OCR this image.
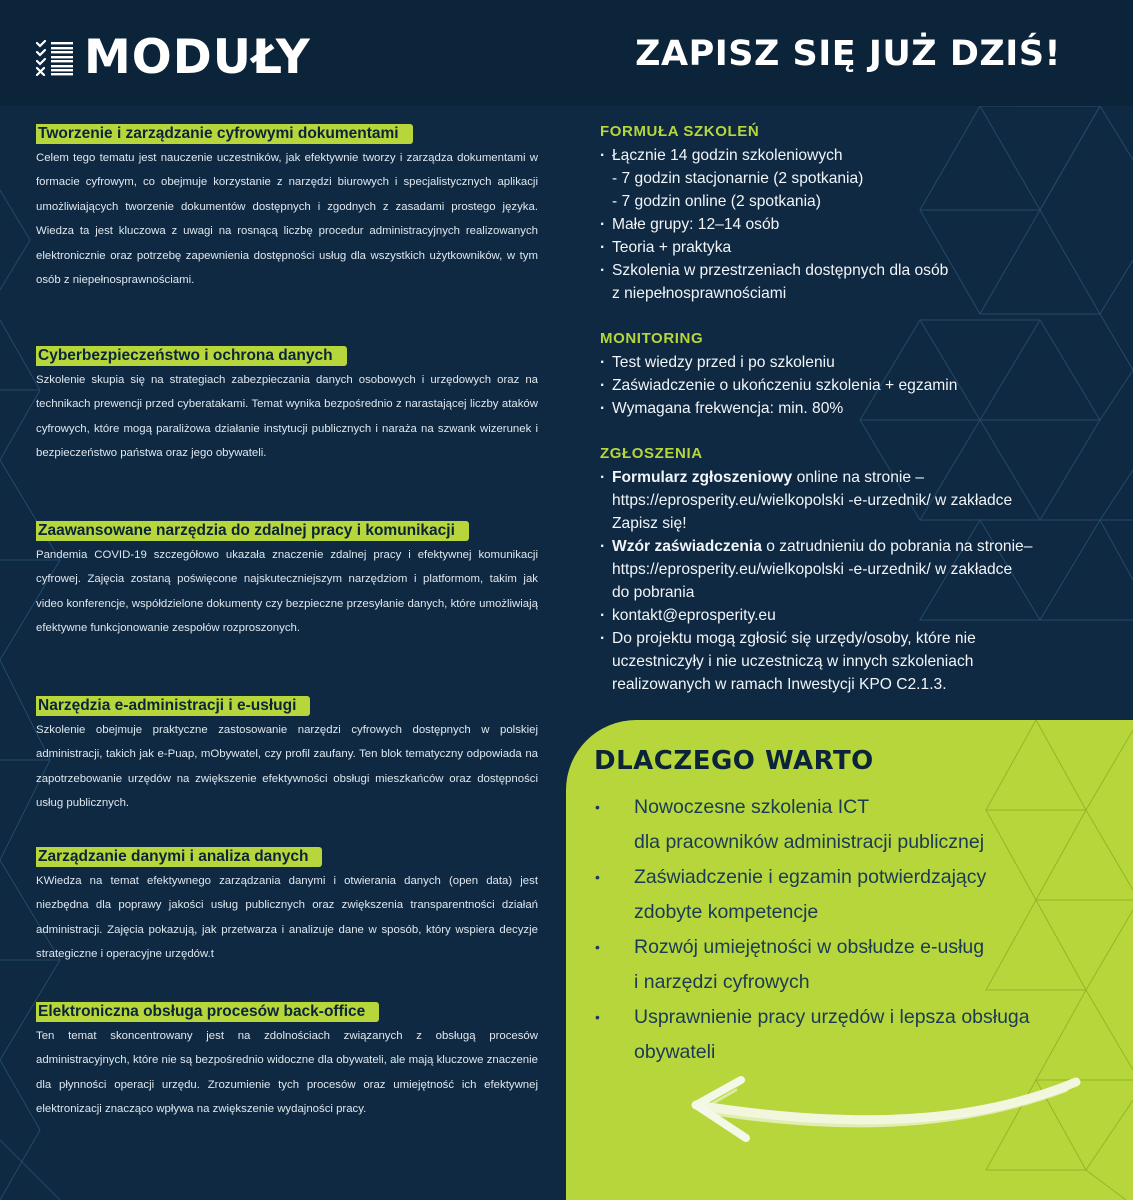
MODUŁY	ZAPISZ SIĘ JUŻ DZIŚ!
Tworzenie i zarządzanie cyfrowymi dokumentami
Celem tego tematu jest nauczenie uczestników, jak efektywnie tworzy i zarządza dokumentami w formacie cyfrowym, co obejmuje korzystanie z narzędzi biurowych i specjalistycznych aplikacji umożliwiających tworzenie dokumentów dostępnych i zgodnych z zasadami prostego języka. Wiedza ta jest kluczowa z uwagi na rosnącą liczbę procedur administracyjnych realizowanych elektronicznie oraz potrzebę zapewnienia dostępności usług dla wszystkich użytkowników, w tym osób z niepełnosprawnościami.
Cyberbezpieczeństwo i ochrona danych
Szkolenie skupia się na strategiach zabezpieczania danych osobowych i urzędowych oraz na technikach prewencji przed cyberatakami. Temat wynika bezpośrednio z narastającej liczby ataków cyfrowych, które mogą paraliżowa działanie instytucji publicznych i naraża na szwank wizerunek i bezpieczeństwo państwa oraz jego obywateli.
Zaawansowane narzędzia do zdalnej pracy i komunikacji
Pandemia COVID-19 szczegółowo ukazała znaczenie zdalnej pracy i efektywnej komunikacji cyfrowej. Zajęcia zostaną poświęcone najskuteczniejszym narzędziom i platformom, takim jak video konferencje, współdzielone dokumenty czy bezpieczne przesyłanie danych, które umożliwiają efektywne funkcjonowanie zespołów rozproszonych.
Narzędzia e-administracji i e-usługi
Szkolenie obejmuje praktyczne zastosowanie narzędzi cyfrowych dostępnych w polskiej administracji, takich jak e-Puap, mObywatel, czy profil zaufany. Ten blok tematyczny odpowiada na zapotrzebowanie urzędów na zwiększenie efektywności obsługi mieszkańców oraz dostępności usług publicznych.
Zarządzanie danymi i analiza danych
KWiedza na temat efektywnego zarządzania danymi i otwierania danych (open data) jest niezbędna dla poprawy jakości usług publicznych oraz zwiększenia transparentności działań administracji. Zajęcia pokazują, jak przetwarza i analizuje dane w sposób, który wspiera decyzje strategiczne i operacyjne urzędów.t
Elektroniczna obsługa procesów back-office
Ten temat skoncentrowany jest na zdolnościach związanych z obsługą procesów administracyjnych, które nie są bezpośrednio widoczne dla obywateli, ale mają kluczowe znaczenie dla płynności operacji urzędu. Zrozumienie tych procesów oraz umiejętność ich efektywnej elektronizacji znacząco wpływa na zwiększenie wydajności pracy.
FORMUŁA SZKOLEŃ
· Łącznie 14 godzin szkoleniowych
- 7 godzin stacjonarnie (2 spotkania)
- 7 godzin online (2 spotkania)
· Małe grupy: 12–14 osób
· Teoria + praktyka
· Szkolenia w przestrzeniach dostępnych dla osób
z niepełnosprawnościami
MONITORING
· Test wiedzy przed i po szkoleniu
· Zaświadczenie o ukończeniu szkolenia + egzamin
· Wymagana frekwencja: min. 80%
ZGŁOSZENIA
· Formularz zgłoszeniowy online na stronie –
https://eprosperity.eu/wielkopolski -e-urzednik/ w zakładce
Zapisz się!
· Wzór zaświadczenia o zatrudnieniu do pobrania na stronie–
https://eprosperity.eu/wielkopolski -e-urzednik/ w zakładce
do pobrania
· kontakt@eprosperity.eu
· Do projektu mogą zgłosić się urzędy/osoby, które nie
uczestniczyły i nie uczestniczą w innych szkoleniach
realizowanych w ramach Inwestycji KPO C2.1.3.
DLACZEGO WARTO
• Nowoczesne szkolenia ICT
dla pracowników administracji publicznej
• Zaświadczenie i egzamin potwierdzający
zdobyte kompetencje
• Rozwój umiejętności w obsłudze e-usług
i narzędzi cyfrowych
• Usprawnienie pracy urzędów i lepsza obsługa
obywateli
